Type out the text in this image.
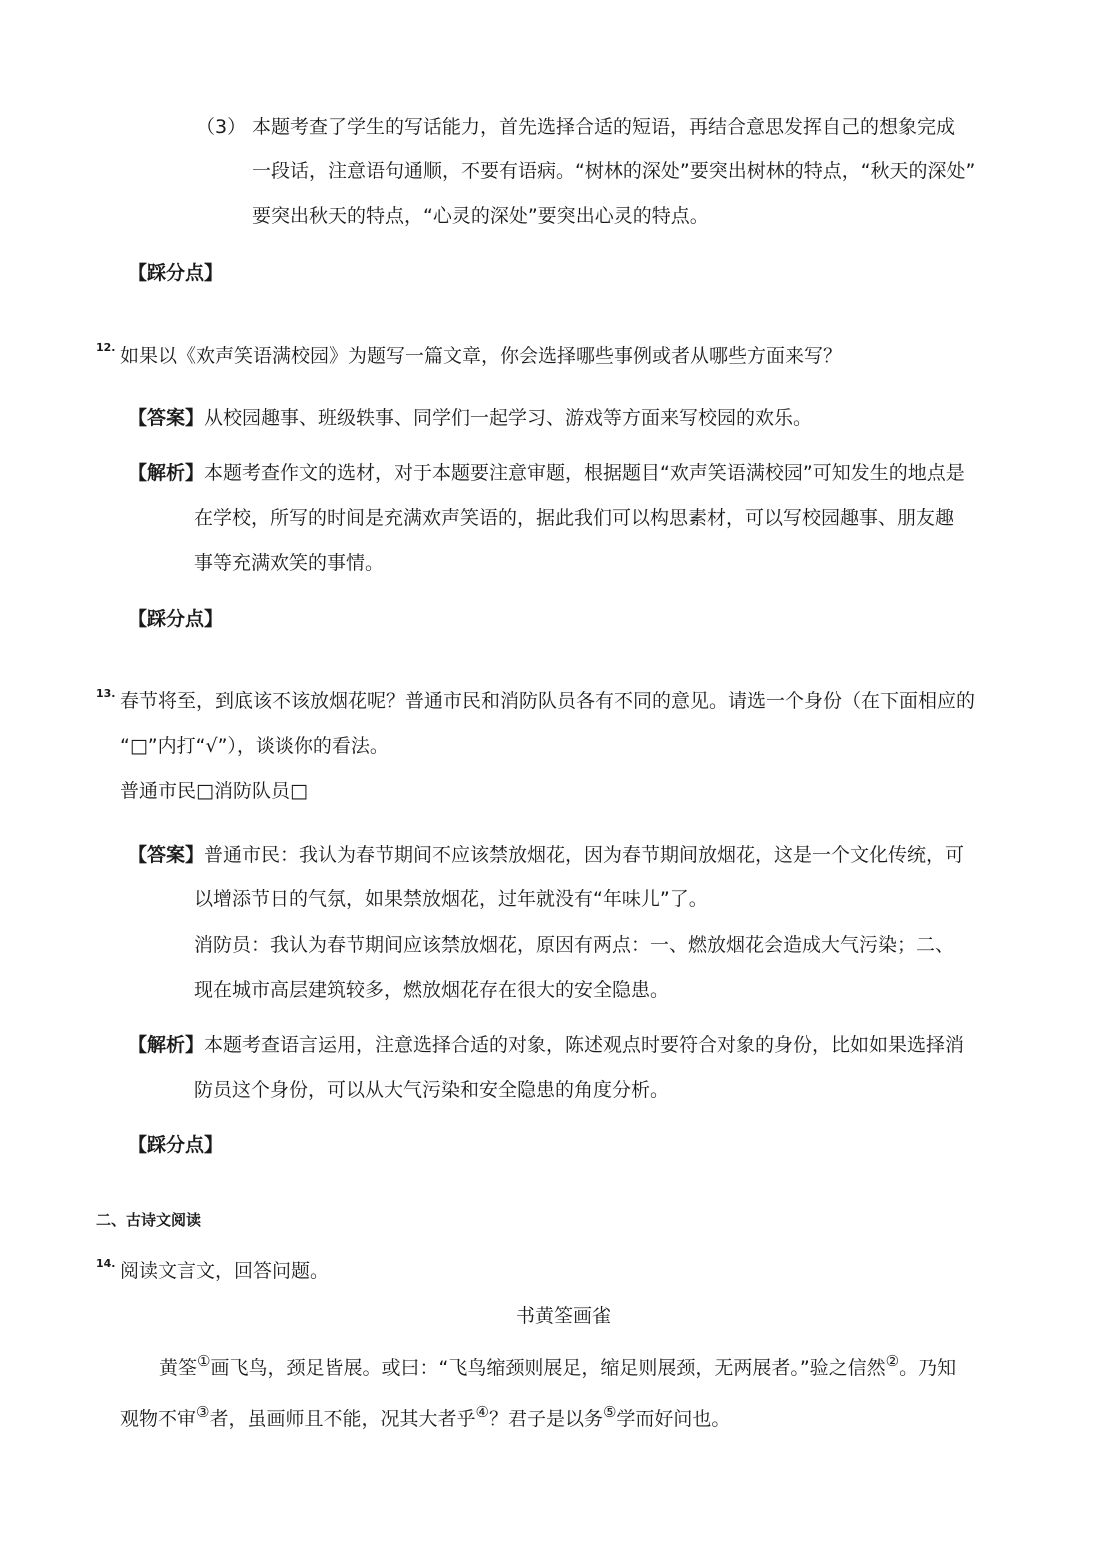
（3） 本题考查了学生的写话能力，首先选择合适的短语，再结合意思发挥自己的想象完成
一段话，注意语句通顺，不要有语病。“树林的深处”要突出树林的特点，“秋天的深处”
要突出秋天的特点，“心灵的深处”要突出心灵的特点。
【踩分点】
12. 如果以《欢声笑语满校园》为题写一篇文章，你会选择哪些事例或者从哪些方面来写？
【答案】从校园趣事、班级轶事、同学们一起学习、游戏等方面来写校园的欢乐。
【解析】本题考查作文的选材，对于本题要注意审题，根据题目“欢声笑语满校园”可知发生的地点是
在学校，所写的时间是充满欢声笑语的，据此我们可以构思素材，可以写校园趣事、朋友趣
事等充满欢笑的事情。
【踩分点】
13. 春节将至，到底该不该放烟花呢？普通市民和消防队员各有不同的意见。请选一个身份（在下面相应的
“□”内打“√”），谈谈你的看法。
普通市民□消防队员□
【答案】普通市民：我认为春节期间不应该禁放烟花，因为春节期间放烟花，这是一个文化传统，可
以增添节日的气氛，如果禁放烟花，过年就没有“年味儿”了。
消防员：我认为春节期间应该禁放烟花，原因有两点：一、燃放烟花会造成大气污染；二、
现在城市高层建筑较多，燃放烟花存在很大的安全隐患。
【解析】本题考查语言运用，注意选择合适的对象，陈述观点时要符合对象的身份，比如如果选择消
防员这个身份，可以从大气污染和安全隐患的角度分析。
【踩分点】
二、古诗文阅读
14. 阅读文言文，回答问题。
书黄筌画雀
黄筌①画飞鸟，颈足皆展。或曰：“飞鸟缩颈则展足，缩足则展颈，无两展者。”验之信然②。乃知
观物不审③者，虽画师且不能，况其大者乎④？君子是以务⑤学而好问也。
